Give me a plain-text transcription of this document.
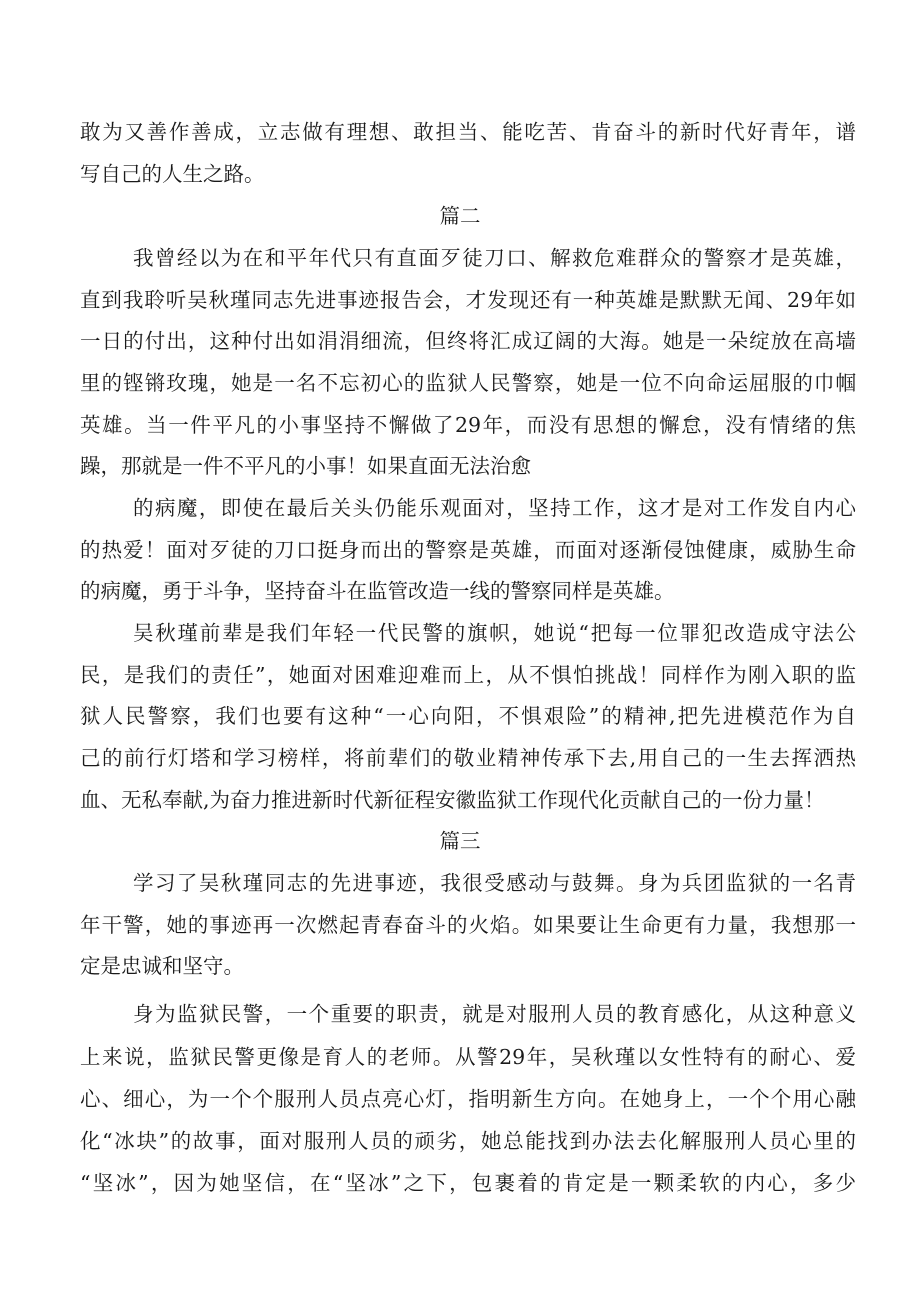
敢为又善作善成，立志做有理想、敢担当、能吃苦、肯奋斗的新时代好青年，谱
写自己的人生之路。
篇二
我曾经以为在和平年代只有直面歹徒刀口、解救危难群众的警察才是英雄，
直到我聆听吴秋瑾同志先进事迹报告会，才发现还有一种英雄是默默无闻、29年如
一日的付出，这种付出如涓涓细流，但终将汇成辽阔的大海。她是一朵绽放在高墙
里的铿锵玫瑰，她是一名不忘初心的监狱人民警察，她是一位不向命运屈服的巾帼
英雄。当一件平凡的小事坚持不懈做了29年，而没有思想的懈怠，没有情绪的焦
躁，那就是一件不平凡的小事！如果直面无法治愈
的病魔，即使在最后关头仍能乐观面对，坚持工作，这才是对工作发自内心
的热爱！面对歹徒的刀口挺身而出的警察是英雄，而面对逐渐侵蚀健康，威胁生命
的病魔，勇于斗争，坚持奋斗在监管改造一线的警察同样是英雄。
吴秋瑾前辈是我们年轻一代民警的旗帜，她说“把每一位罪犯改造成守法公
民，是我们的责任”，她面对困难迎难而上，从不惧怕挑战！同样作为刚入职的监
狱人民警察，我们也要有这种“一心向阳，不惧艰险”的精神,把先进模范作为自
己的前行灯塔和学习榜样，将前辈们的敬业精神传承下去,用自己的一生去挥洒热
血、无私奉献,为奋力推进新时代新征程安徽监狱工作现代化贡献自己的一份力量！
篇三
学习了吴秋瑾同志的先进事迹，我很受感动与鼓舞。身为兵团监狱的一名青
年干警，她的事迹再一次燃起青春奋斗的火焰。如果要让生命更有力量，我想那一
定是忠诚和坚守。
身为监狱民警，一个重要的职责，就是对服刑人员的教育感化，从这种意义
上来说，监狱民警更像是育人的老师。从警29年，吴秋瑾以女性特有的耐心、爱
心、细心，为一个个服刑人员点亮心灯，指明新生方向。在她身上，一个个用心融
化“冰块”的故事，面对服刑人员的顽劣，她总能找到办法去化解服刑人员心里的
“坚冰”，因为她坚信，在“坚冰”之下，包裹着的肯定是一颗柔软的内心，多少
